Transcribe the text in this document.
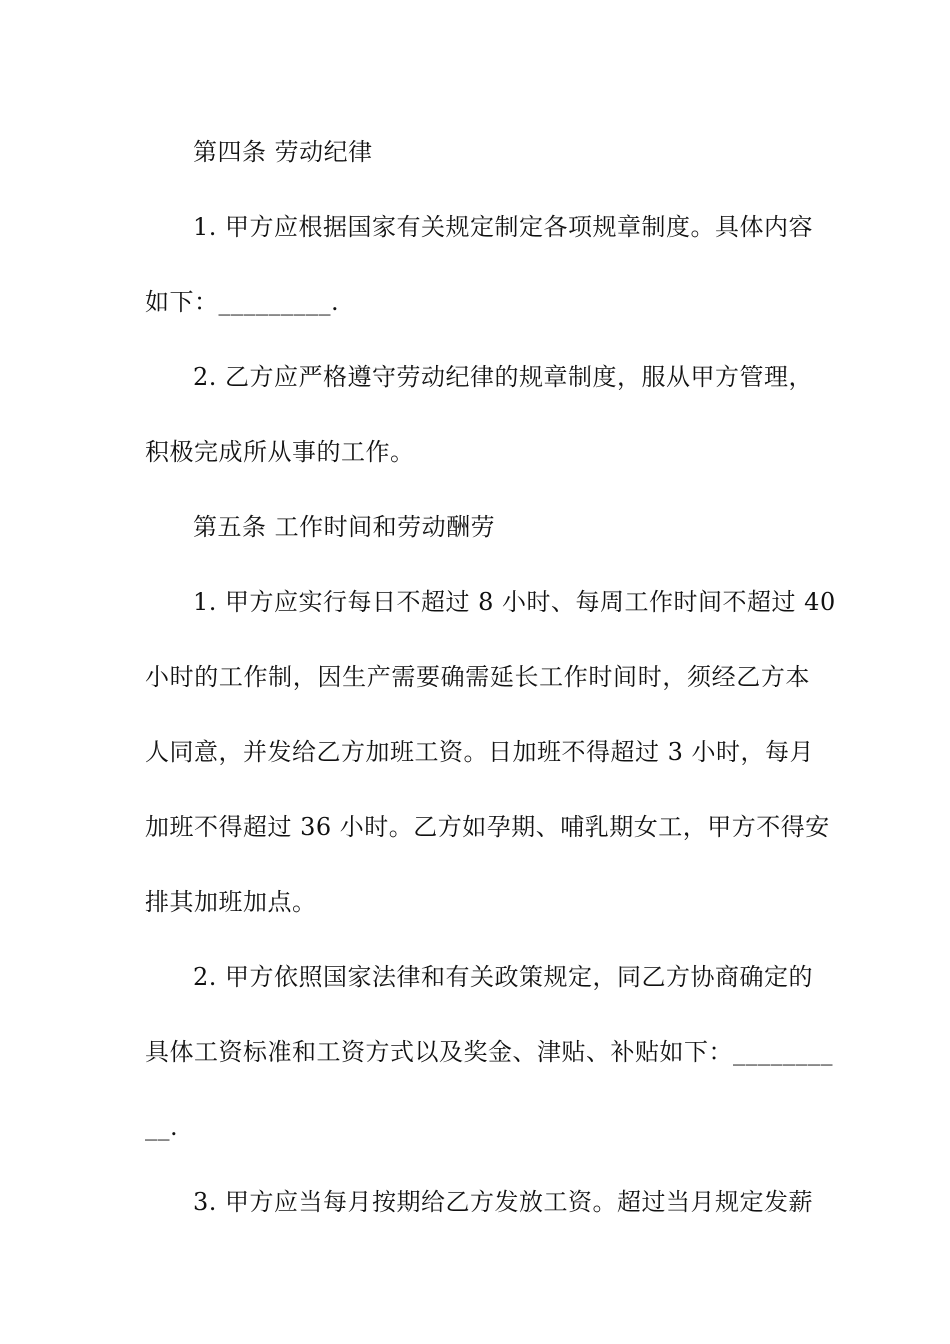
第四条 劳动纪律
1. 甲方应根据国家有关规定制定各项规章制度。具体内容
如下：_________.
2. 乙方应严格遵守劳动纪律的规章制度，服从甲方管理，
积极完成所从事的工作。
第五条 工作时间和劳动酬劳
1. 甲方应实行每日不超过 8 小时、每周工作时间不超过 40
小时的工作制，因生产需要确需延长工作时间时，须经乙方本
人同意，并发给乙方加班工资。日加班不得超过 3 小时，每月
加班不得超过 36 小时。乙方如孕期、哺乳期女工，甲方不得安
排其加班加点。
2. 甲方依照国家法律和有关政策规定，同乙方协商确定的
具体工资标准和工资方式以及奖金、津贴、补贴如下：________
__.
3. 甲方应当每月按期给乙方发放工资。超过当月规定发薪
